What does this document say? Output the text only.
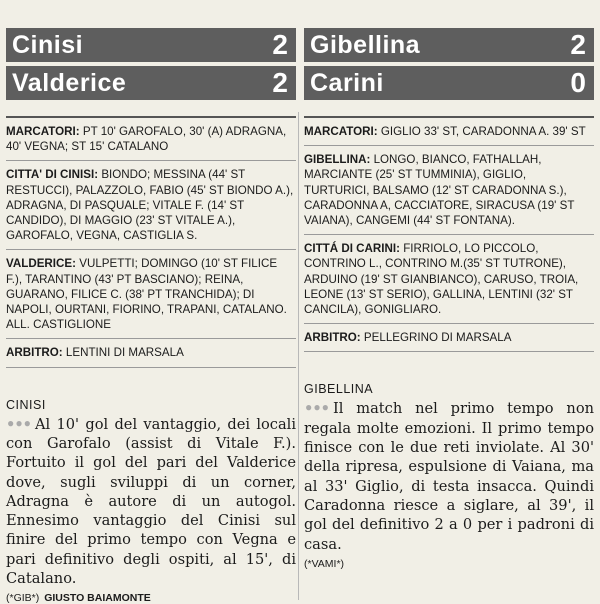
Cinisi	2
Valderice	2
MARCATORI: PT 10' GAROFALO, 30' (A) ADRAGNA, 40' VEGNA; ST 15' CATALANO
CITTA' DI CINISI: BIONDO; MESSINA (44' ST RESTUCCI), PALAZZOLO, FABIO (45' ST BIONDO A.), ADRAGNA, DI PASQUALE; VITALE F. (14' ST CANDIDO), DI MAGGIO (23' ST VITALE A.), GAROFALO, VEGNA, CASTIGLIA S.
VALDERICE: VULPETTI; DOMINGO (10' ST FILICE F.), TARANTINO (43' PT BASCIANO); REINA, GUARANO, FILICE C. (38' PT TRANCHIDA); DI NAPOLI, OURTANI, FIORINO, TRAPANI, CATALANO. ALL. CASTIGLIONE
ARBITRO: LENTINI DI MARSALA
CINISI
••• Al 10' gol del vantaggio, dei locali con Garofalo (assist di Vitale F.). Fortuito il gol del pari del Valderice dove, sugli sviluppi di un corner, Adragna è autore di un autogol. Ennesimo vantaggio del Cinisi sul finire del primo tempo con Vegna e pari definitivo degli ospiti, al 15', di Catalano.
(*GIB*) GIUSTO BAIAMONTE
Gibellina	2
Carini	0
MARCATORI: GIGLIO 33' ST, CARADONNA A. 39' ST
GIBELLINA: LONGO, BIANCO, FATHALLAH, MARCIANTE (25' ST TUMMINIA), GIGLIO, TURTURICI, BALSAMO (12' ST CARADONNA S.), CARADONNA A, CACCIATORE, SIRACUSA (19' ST VAIANA), CANGEMI (44' ST FONTANA).
CITTÁ DI CARINI: FIRRIOLO, LO PICCOLO, CONTRINO L., CONTRINO M.(35' ST TUTRONE), ARDUINO (19' ST GIANBIANCO), CARUSO, TROIA, LEONE (13' ST SERIO), GALLINA, LENTINI (32' ST CANCILA), GONIGLIARO.
ARBITRO: PELLEGRINO DI MARSALA
GIBELLINA
••• Il match nel primo tempo non regala molte emozioni. Il primo tempo finisce con le due reti inviolate. Al 30' della ripresa, espulsione di Vaiana, ma al 33' Giglio, di testa insacca. Quindi Caradonna riesce a siglare, al 39', il gol del definitivo 2 a 0 per i padroni di casa.
(*VAMI*)
